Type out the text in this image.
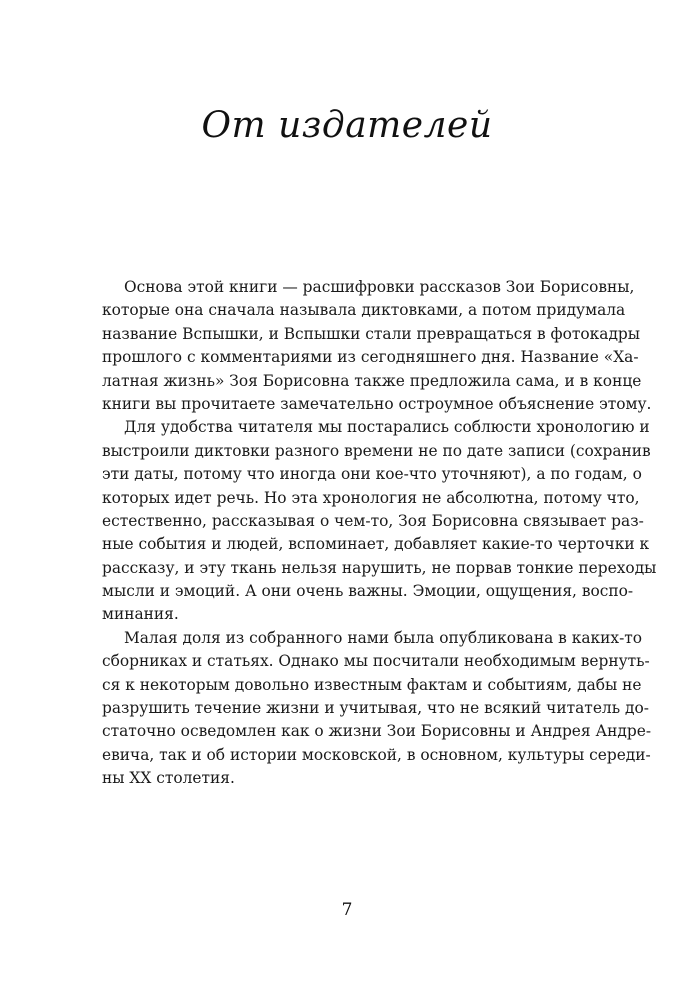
От издателей
Основа этой книги — расшифровки рассказов Зои Борисовны,
которые она сначала называла диктовками, а потом придумала
название Вспышки, и Вспышки стали превращаться в фотокадры
прошлого с комментариями из сегодняшнего дня. Название «Ха-
латная жизнь» Зоя Борисовна также предложила сама, и в конце
книги вы прочитаете замечательно остроумное объяснение этому.
Для удобства читателя мы постарались соблюсти хронологию и
выстроили диктовки разного времени не по дате записи (сохранив
эти даты, потому что иногда они кое-что уточняют), а по годам, о
которых идет речь. Но эта хронология не абсолютна, потому что,
естественно, рассказывая о чем-то, Зоя Борисовна связывает раз-
ные события и людей, вспоминает, добавляет какие-то черточки к
рассказу, и эту ткань нельзя нарушить, не порвав тонкие переходы
мысли и эмоций. А они очень важны. Эмоции, ощущения, воспо-
минания.
Малая доля из собранного нами была опубликована в каких-то
сборниках и статьях. Однако мы посчитали необходимым вернуть-
ся к некоторым довольно известным фактам и событиям, дабы не
разрушить течение жизни и учитывая, что не всякий читатель до-
статочно осведомлен как о жизни Зои Борисовны и Андрея Андре-
евича, так и об истории московской, в основном, культуры середи-
ны XX столетия.
7
